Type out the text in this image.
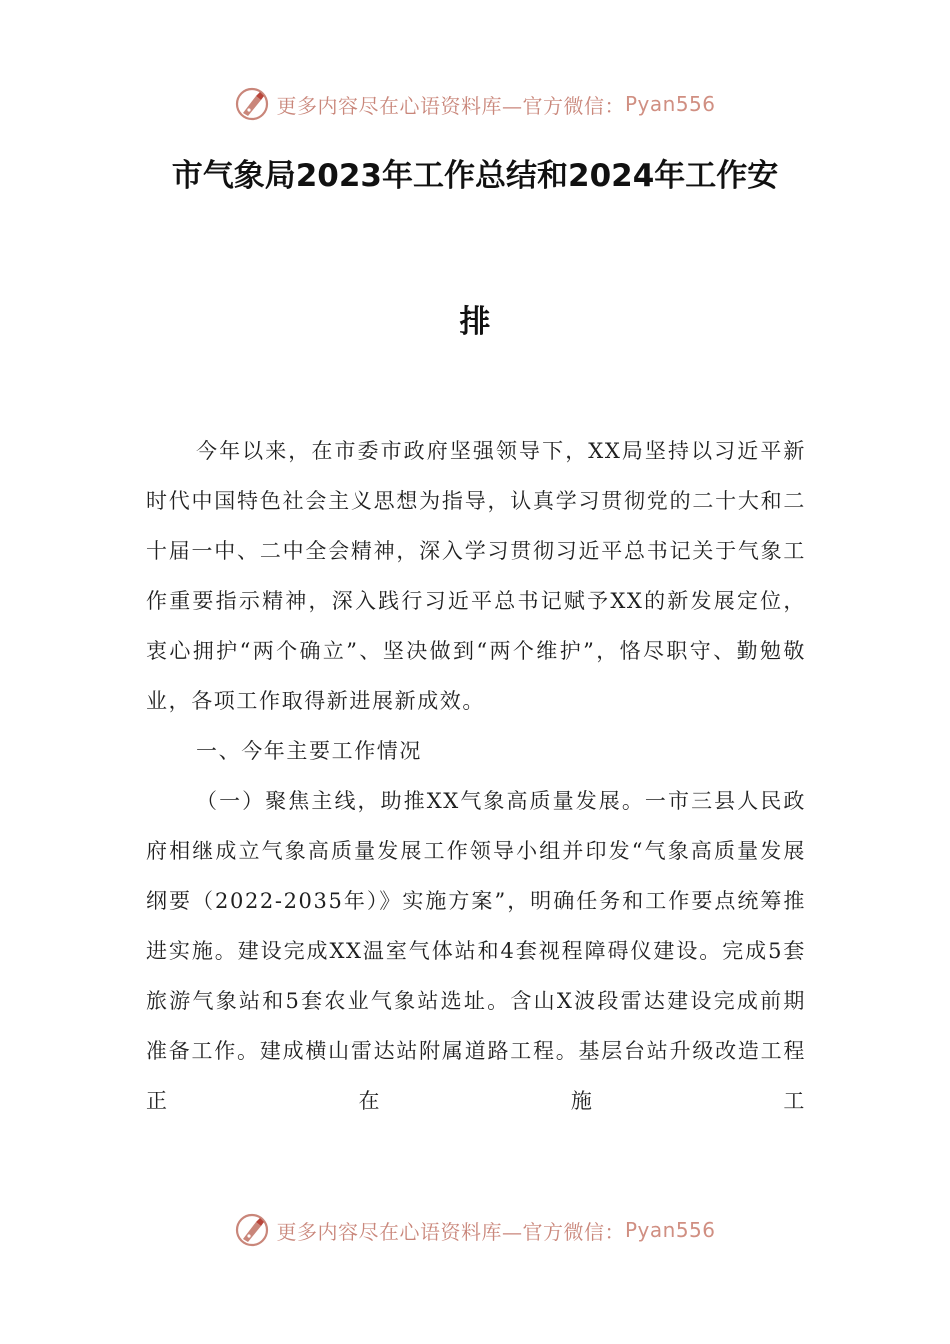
更多内容尽在心语资料库—官方微信： Pyan556
市气象局2023年工作总结和2024年工作安
排

今年以来，在市委市政府坚强领导下，XX局坚持以习近平新时代中国特色社会主义思想为指导，认真学习贯彻党的二十大和二十届一中、二中全会精神，深入学习贯彻习近平总书记关于气象工作重要指示精神，深入践行习近平总书记赋予XX的新发展定位，衷心拥护“两个确立”、坚决做到“两个维护”，恪尽职守、勤勉敬业，各项工作取得新进展新成效。

一、今年主要工作情况

（一）聚焦主线，助推XX气象高质量发展。一市三县人民政府相继成立气象高质量发展工作领导小组并印发“气象高质量发展纲要（2022-2035年）》实施方案”，明确任务和工作要点统筹推进实施。建设完成XX温室气体站和4套视程障碍仪建设。完成5套旅游气象站和5套农业气象站选址。含山X波段雷达建设完成前期准备工作。建成横山雷达站附属道路工程。基层台站升级改造工程正在施工

更多内容尽在心语资料库—官方微信： Pyan556
